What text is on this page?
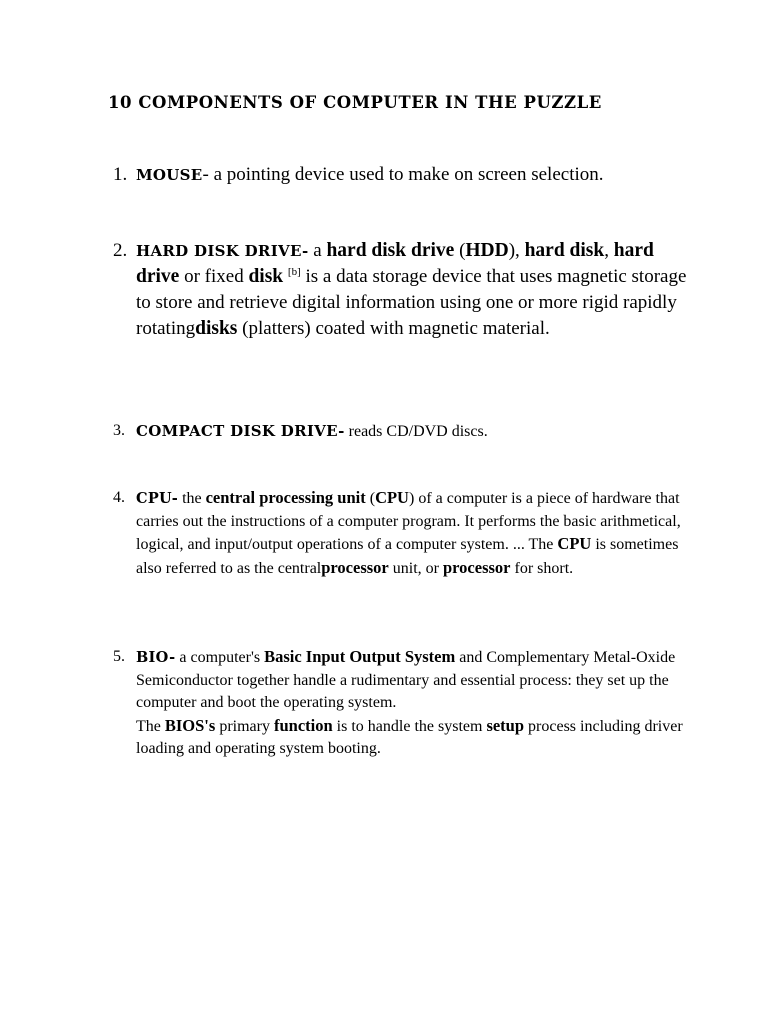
10 COMPONENTS OF COMPUTER IN THE PUZZLE
1. MOUSE- a pointing device used to make on screen selection.
2. HARD DISK DRIVE- a hard disk drive (HDD), hard disk, hard drive or fixed disk [b] is a data storage device that uses magnetic storage to store and retrieve digital information using one or more rigid rapidly rotatingdisks (platters) coated with magnetic material.
3. COMPACT DISK DRIVE- reads CD/DVD discs.
4. CPU- the central processing unit (CPU) of a computer is a piece of hardware that carries out the instructions of a computer program. It performs the basic arithmetical, logical, and input/output operations of a computer system. ... The CPU is sometimes also referred to as the centralprocessor unit, or processor for short.
5. BIO- a computer's Basic Input Output System and Complementary Metal-Oxide Semiconductor together handle a rudimentary and essential process: they set up the computer and boot the operating system.
The BIOS's primary function is to handle the system setup process including driver loading and operating system booting.
